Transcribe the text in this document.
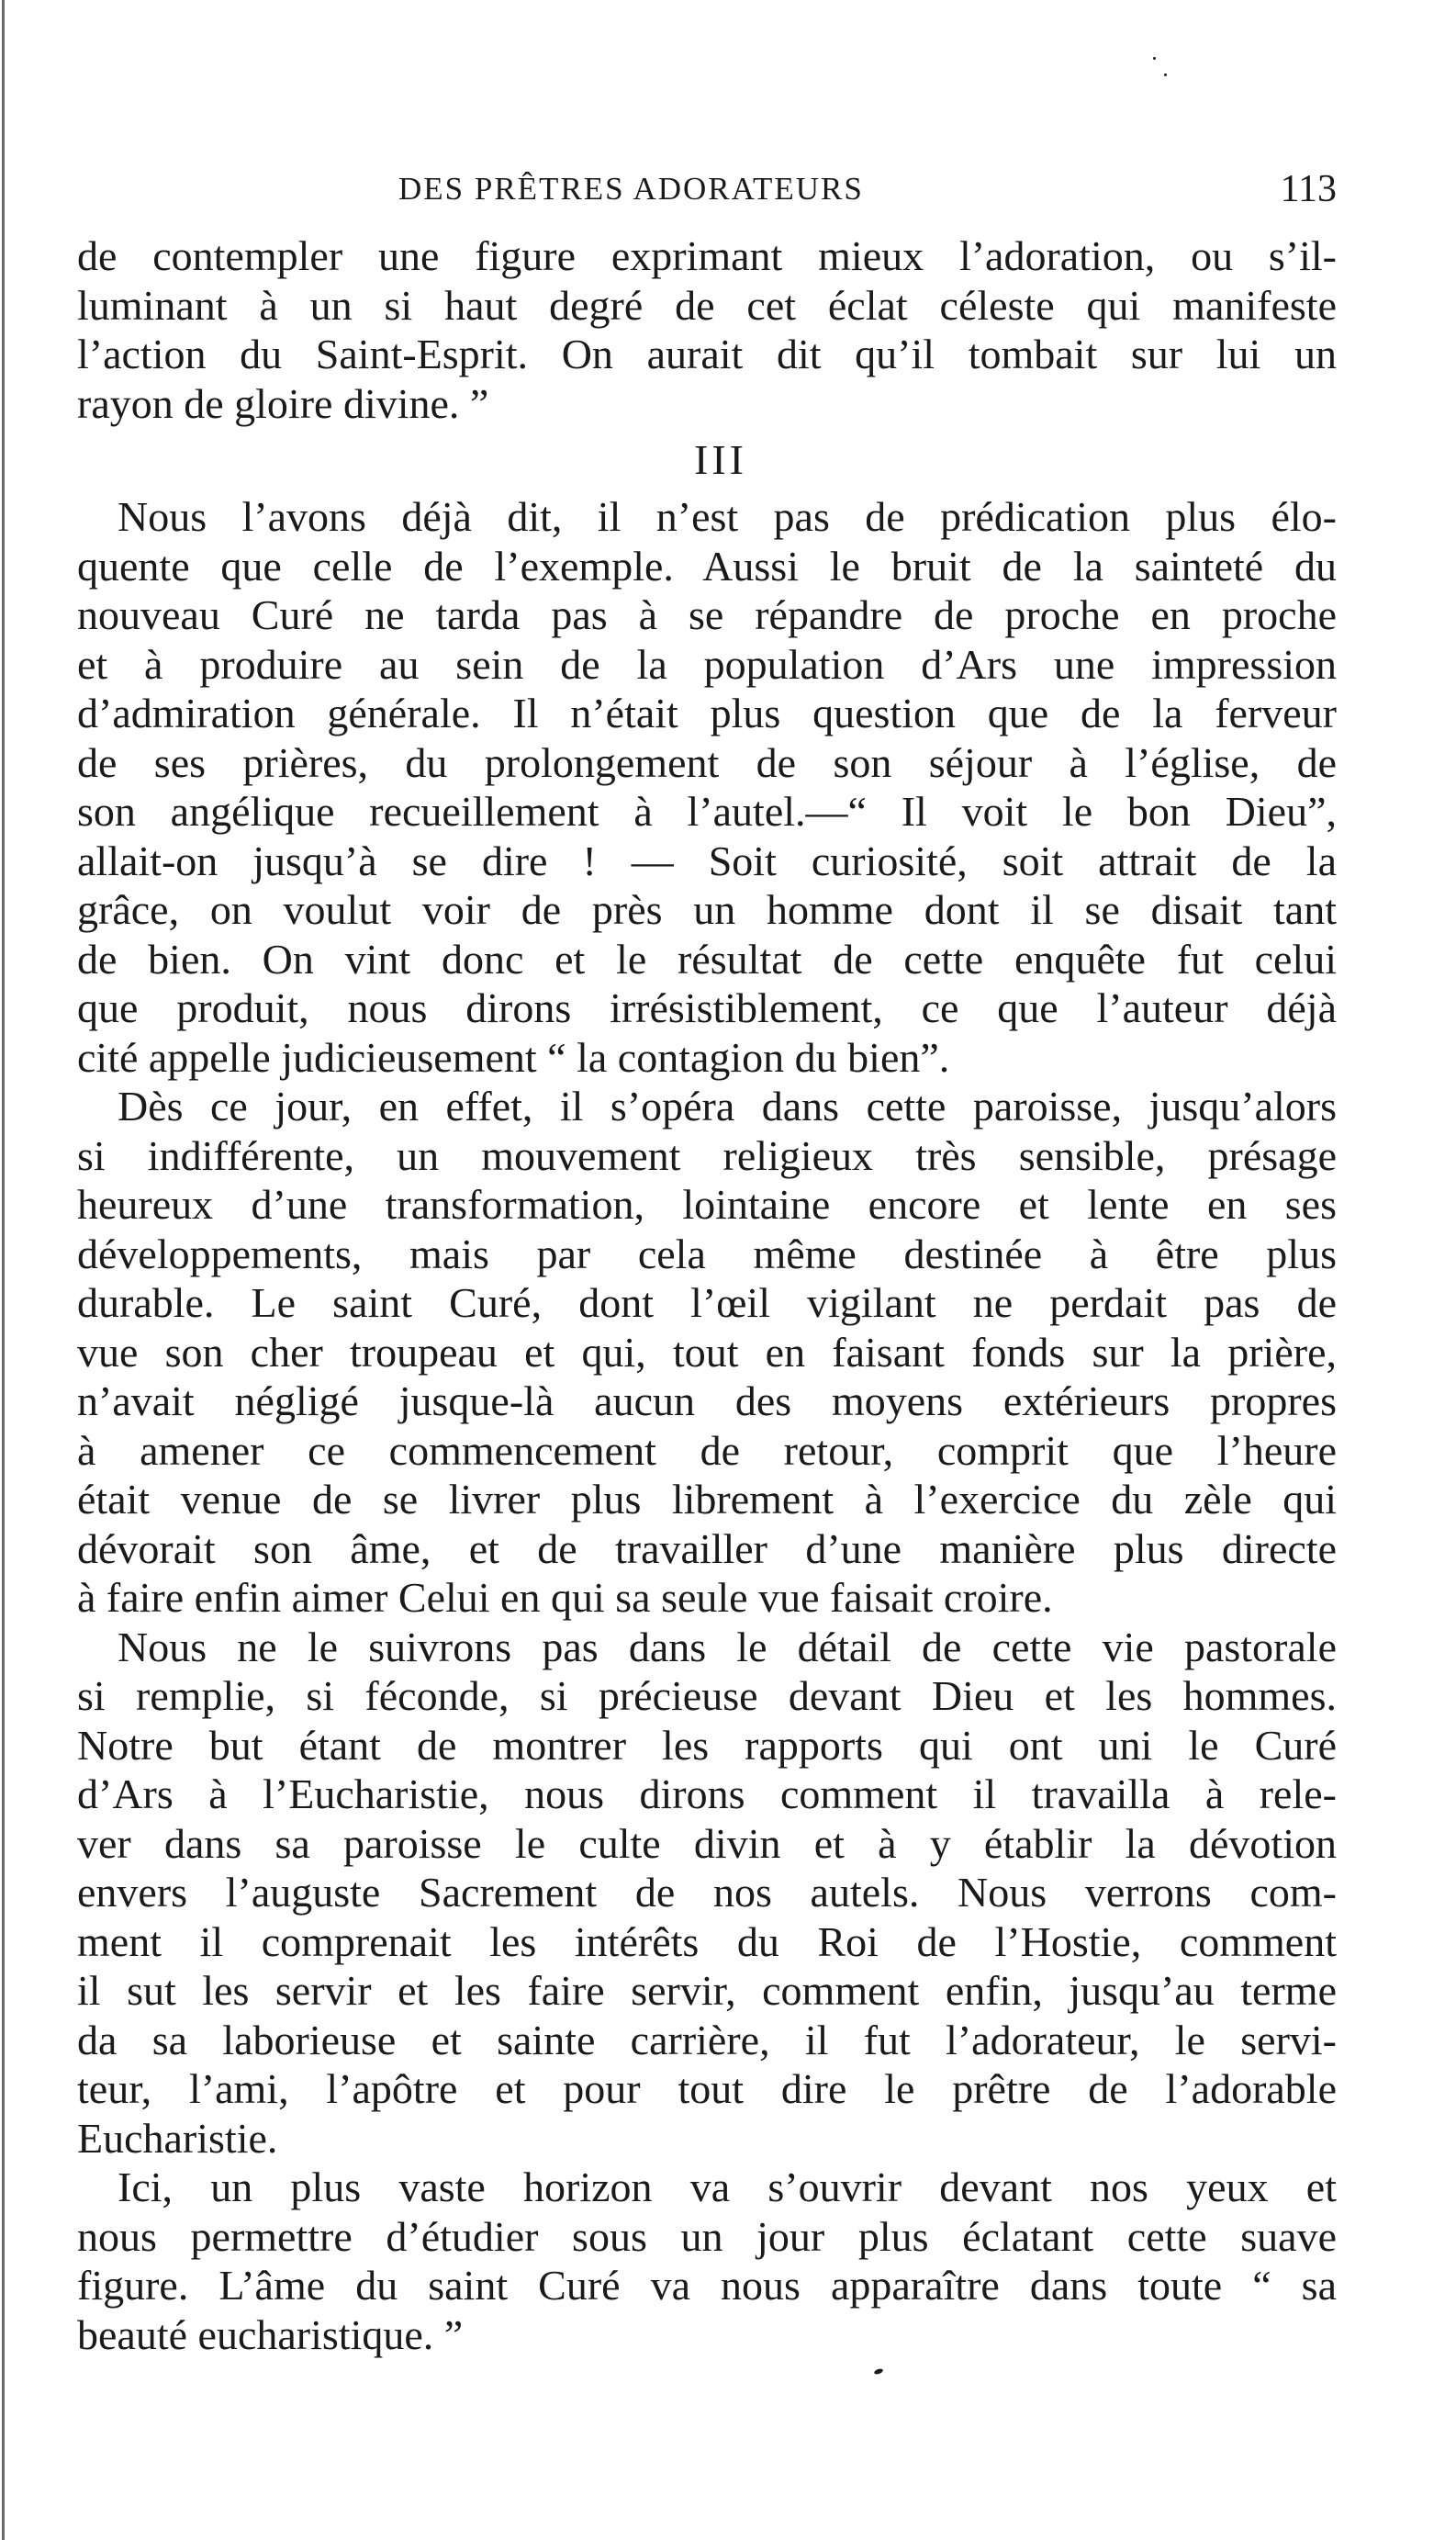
DES PRÊTRES ADORATEURS	113
de contempler une figure exprimant mieux l’adoration, ou s’il-
luminant à un si haut degré de cet éclat céleste qui manifeste
l’action du Saint-Esprit. On aurait dit qu’il tombait sur lui un
rayon de gloire divine. ”
III
Nous l’avons déjà dit, il n’est pas de prédication plus élo-
quente que celle de l’exemple. Aussi le bruit de la sainteté du
nouveau Curé ne tarda pas à se répandre de proche en proche
et à produire au sein de la population d’Ars une impression
d’admiration générale. Il n’était plus question que de la ferveur
de ses prières, du prolongement de son séjour à l’église, de
son angélique recueillement à l’autel.—“ Il voit le bon Dieu”,
allait-on jusqu’à se dire ! — Soit curiosité, soit attrait de la
grâce, on voulut voir de près un homme dont il se disait tant
de bien. On vint donc et le résultat de cette enquête fut celui
que produit, nous dirons irrésistiblement, ce que l’auteur déjà
cité appelle judicieusement “ la contagion du bien”.
Dès ce jour, en effet, il s’opéra dans cette paroisse, jusqu’alors
si indifférente, un mouvement religieux très sensible, présage
heureux d’une transformation, lointaine encore et lente en ses
développements, mais par cela même destinée à être plus
durable. Le saint Curé, dont l’œil vigilant ne perdait pas de
vue son cher troupeau et qui, tout en faisant fonds sur la prière,
n’avait négligé jusque-là aucun des moyens extérieurs propres
à amener ce commencement de retour, comprit que l’heure
était venue de se livrer plus librement à l’exercice du zèle qui
dévorait son âme, et de travailler d’une manière plus directe
à faire enfin aimer Celui en qui sa seule vue faisait croire.
Nous ne le suivrons pas dans le détail de cette vie pastorale
si remplie, si féconde, si précieuse devant Dieu et les hommes.
Notre but étant de montrer les rapports qui ont uni le Curé
d’Ars à l’Eucharistie, nous dirons comment il travailla à rele-
ver dans sa paroisse le culte divin et à y établir la dévotion
envers l’auguste Sacrement de nos autels. Nous verrons com-
ment il comprenait les intérêts du Roi de l’Hostie, comment
il sut les servir et les faire servir, comment enfin, jusqu’au terme
da sa laborieuse et sainte carrière, il fut l’adorateur, le servi-
teur, l’ami, l’apôtre et pour tout dire le prêtre de l’adorable
Eucharistie.
Ici, un plus vaste horizon va s’ouvrir devant nos yeux et
nous permettre d’étudier sous un jour plus éclatant cette suave
figure. L’âme du saint Curé va nous apparaître dans toute “ sa
beauté eucharistique. ”
